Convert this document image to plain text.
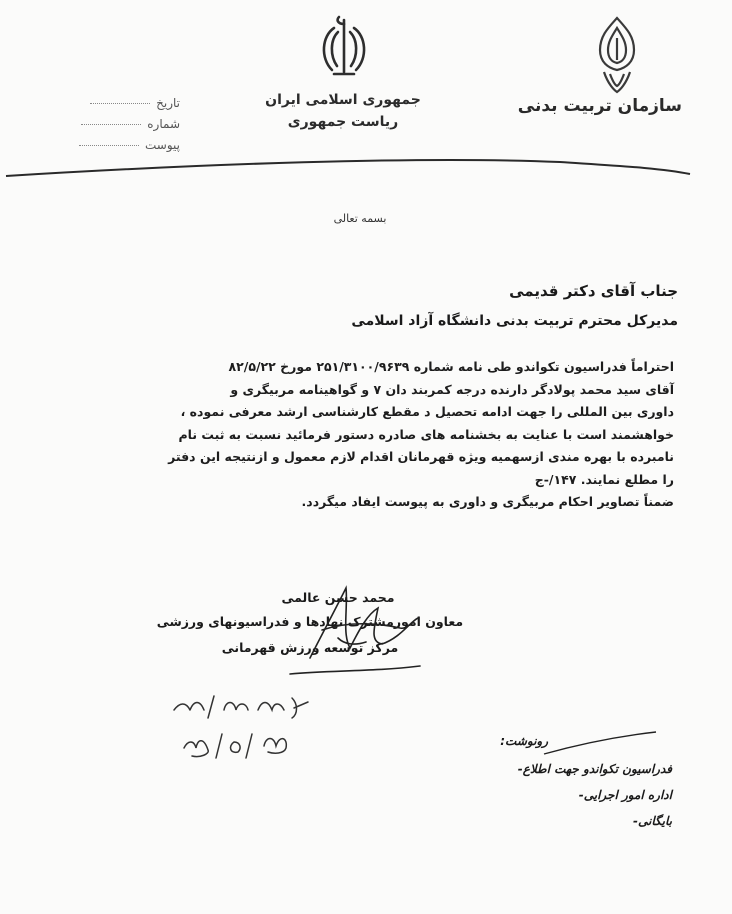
سازمان تربیت بدنی
جمهوری اسلامی ایران
ریاست جمهوری
تاریخ
شماره
پیوست
بسمه تعالی
جناب آقای دکتر قدیمی
مدیرکل محترم تربیت بدنی دانشگاه آزاد اسلامی

احتراماً فدراسیون تکواندو طی نامه شماره ۲۵۱/۳۱۰۰/۹۶۳۹ مورخ ۸۲/۵/۲۲

آقای سید محمد پولادگر دارنده درجه کمربند دان ۷ و گواهینامه مربیگری و

داوری بین المللی را جهت ادامه تحصیل د مقطع کارشناسی ارشد معرفی نموده ،

خواهشمند است با عنایت به بخشنامه های صادره دستور فرمائید نسبت به ثبت نام

نامبرده با بهره مندی ازسهمیه ویژه قهرمانان اقدام لازم معمول و ازنتیجه این دفتر

را مطلع نمایند. ۱۴۷/-ج

ضمناً تصاویر احکام مربیگری و داوری به پیوست ایفاد میگردد.

محمد حسن عالمی
معاون امورمشترک نهادها و فدراسیونهای ورزشی
مرکز توسعه ورزش قهرمانی
رونوشت:
فدراسیون تکواندو جهت اطلاع-
اداره امور اجرایی-
بایگانی-
